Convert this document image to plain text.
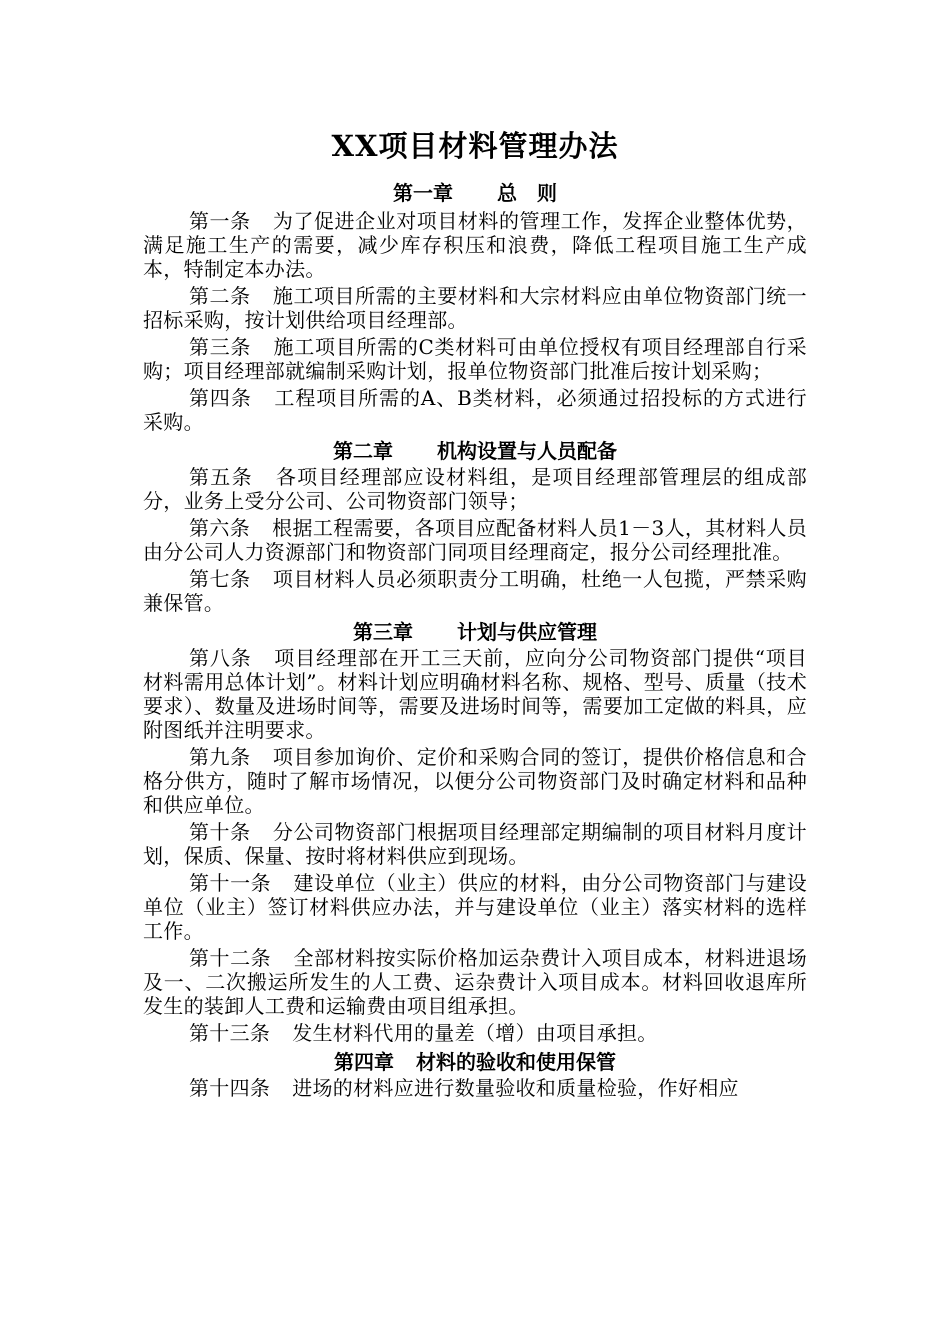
XX项目材料管理办法
第一章 总　则

第一条 为了促进企业对项目材料的管理工作，发挥企业整体优势，满足施工生产的需要，减少库存积压和浪费，降低工程项目施工生产成本，特制定本办法。

第二条 施工项目所需的主要材料和大宗材料应由单位物资部门统一招标采购，按计划供给项目经理部。

第三条 施工项目所需的C类材料可由单位授权有项目经理部自行采购；项目经理部就编制采购计划，报单位物资部门批准后按计划采购；

第四条 工程项目所需的A、B类材料，必须通过招投标的方式进行采购。

第二章 机构设置与人员配备

第五条 各项目经理部应设材料组，是项目经理部管理层的组成部分，业务上受分公司、公司物资部门领导；

第六条 根据工程需要，各项目应配备材料人员1－3人，其材料人员由分公司人力资源部门和物资部门同项目经理商定，报分公司经理批准。

第七条 项目材料人员必须职责分工明确，杜绝一人包揽，严禁采购兼保管。

第三章 计划与供应管理

第八条 项目经理部在开工三天前，应向分公司物资部门提供“项目材料需用总体计划”。材料计划应明确材料名称、规格、型号、质量（技术要求）、数量及进场时间等，需要及进场时间等，需要加工定做的料具，应附图纸并注明要求。

第九条 项目参加询价、定价和采购合同的签订，提供价格信息和合格分供方，随时了解市场情况，以便分公司物资部门及时确定材料和品种和供应单位。

第十条 分公司物资部门根据项目经理部定期编制的项目材料月度计划，保质、保量、按时将材料供应到现场。

第十一条 建设单位（业主）供应的材料，由分公司物资部门与建设单位（业主）签订材料供应办法，并与建设单位（业主）落实材料的选样工作。

第十二条 全部材料按实际价格加运杂费计入项目成本，材料进退场及一、二次搬运所发生的人工费、运杂费计入项目成本。材料回收退库所发生的装卸人工费和运输费由项目组承担。

第十三条 发生材料代用的量差（增）由项目承担。

第四章 材料的验收和使用保管

第十四条 进场的材料应进行数量验收和质量检验，作好相应
